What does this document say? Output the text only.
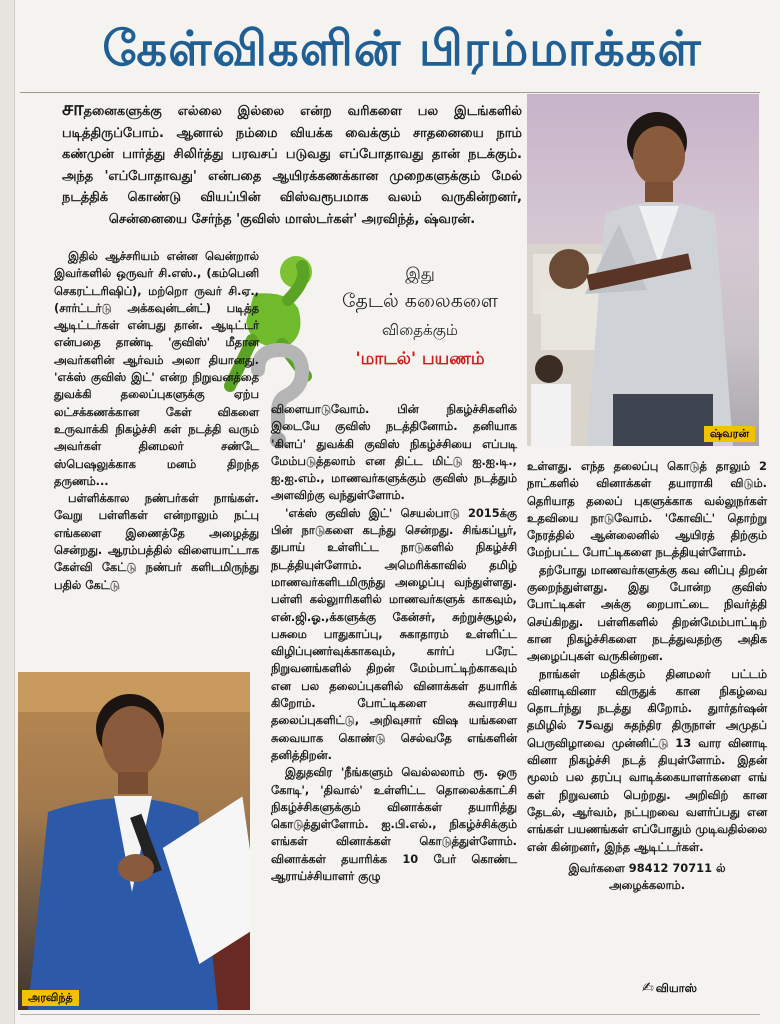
கேள்விகளின் பிரம்மாக்கள்
சாதனைகளுக்கு எல்லை இல்லை என்ற வரிகளை பல இடங்களில் படித்திருப்போம். ஆனால் நம்மை வியக்க வைக்கும் சாதனையை நாம் கண்முன் பார்த்து சிலிர்த்து பரவசப் படுவது எப்போதாவது தான் நடக்கும். அந்த 'எப்போதாவது' என்பதை ஆயிரக்கணக்கான முறைகளுக்கும் மேல் நடத்திக் கொண்டு வியப்பின் விஸ்வரூபமாக வலம் வருகின்றனர், சென்னையை சேர்ந்த 'குவிஸ் மாஸ்டர்கள்' அரவிந்த், ஷ்வரன்.
ஷ்வரன்
இது
தேடல் கலைகளை
விதைக்கும்
'மாடல்' பயணம்

இதில் ஆச்சரியம் என்ன வென்றால் இவர்களில் ஒருவர் சி.எஸ்., (கம்பெனி செகரட்டரிஷிப்), மற்றொ ருவர் சி.ஏ., (சார்ட்டர்டு அக்கவுன்டன்ட்) படித்த ஆடிட்டர்கள் என்பது தான். ஆடிட்டர் என்பதை தாண்டி 'குவிஸ்' மீதான அவர்களின் ஆர்வம் அலா தியானது. 'எக்ஸ் குவிஸ் இட்' என்ற நிறுவனத்தை துவக்கி தலைப்புகளுக்கு ஏற்ப லட்சக்கணக்கான கேள் விகளை உருவாக்கி நிகழ்ச்சி கள் நடத்தி வரும் அவர்கள் தினமலர் சண்டே ஸ்பெஷலுக்காக மனம் திறந்த தருணம்...

பள்ளிக்கால நண்பர்கள் நாங்கள். வேறு பள்ளிகள் என்றாலும் நட்பு எங்களை இணைத்தே அழைத்து சென்றது. ஆரம்பத்தில் விளையாட்டாக கேள்வி கேட்டு நண்பர் களிடமிருந்து பதில் கேட்டு

விளையாடுவோம். பின் நிகழ்ச்சிகளில் இடையே குவிஸ் நடத்தினோம். தனியாக 'கிளப்' துவக்கி குவிஸ் நிகழ்ச்சியை எப்படி மேம்படுத்தலாம் என திட்ட மிட்டு ஐ.ஐ.டி., ஐ.ஐ.எம்., மாணவர்களுக்கும் குவிஸ் நடத்தும் அளவிற்கு வந்துள்ளோம்.

'எக்ஸ் குவிஸ் இட்' செயல்பாடு 2015க்கு பின் நாடுகளை கடந்து சென்றது. சிங்கப்பூர், துபாய் உள்ளிட்ட நாடுகளில் நிகழ்ச்சி நடத்தியுள்ளோம். அமெரிக்காவில் தமிழ் மாணவர்களிடமிருந்து அழைப்பு வந்துள்ளது. பள்ளி கல்லுாரிகளில் மாணவர்களுக் காகவும், என்.ஜி.ஓ.,க்களுக்கு கேன்சர், சுற்றுச்சூழல், பசுமை பாதுகாப்பு, சுகாதாரம் உள்ளிட்ட விழிப்புணர்வுக்காகவும், கார்ப் பரேட் நிறுவனங்களில் திறன் மேம்பாட்டிற்காகவும் என பல தலைப்புகளில் வினாக்கள் தயாரிக் கிறோம். போட்டிகளை சுவாரசிய தலைப்புகளிட்டு, அறிவுசார் விஷ யங்களை சுவையாக கொண்டு செல்வதே எங்களின் தனித்திறன்.

இதுதவிர 'நீங்களும் வெல்லலாம் ரூ. ஒரு கோடி', 'திவால்' உள்ளிட்ட தொலைக்காட்சி நிகழ்ச்சிகளுக்கும் வினாக்கள் தயாரித்து கொடுத்துள்ளோம். ஐ.பி.எல்., நிகழ்ச்சிக்கும் எங்கள் வினாக்கள் கொடுத்துள்ளோம். வினாக்கள் தயாரிக்க 10 பேர் கொண்ட ஆராய்ச்சியாளர் குழு

உள்ளது. எந்த தலைப்பு கொடுத் தாலும் 2 நாட்களில் வினாக்கள் தயாராகி விடும். தெரியாத தலைப் புகளுக்காக வல்லுநர்கள் உதவியை நாடுவோம். 'கோவிட்' தொற்று நேரத்தில் ஆன்லைனில் ஆயிரத் திற்கும் மேற்பட்ட போட்டிகளை நடத்தியுள்ளோம்.

தற்போது மாணவர்களுக்கு கவ னிப்பு திறன் குறைந்துள்ளது. இது போன்ற குவிஸ் போட்டிகள் அக்கு றைபாட்டை நிவர்த்தி செய்கிறது. பள்ளிகளில் திறன்மேம்பாட்டிற் கான நிகழ்ச்சிகளை நடத்துவதற்கு அதிக அழைப்புகள் வருகின்றன.

நாங்கள் மதிக்கும் தினமலர் பட்டம் வினாடிவினா விருதுக் கான நிகழ்வை தொடர்ந்து நடத்து கிறோம். துார்தர்ஷன் தமிழில் 75வது சுதந்திர திருநாள் அமுதப் பெருவிழாவை முன்னிட்டு 13 வார வினாடி வினா நிகழ்ச்சி நடத் தியுள்ளோம். இதன் மூலம் பல தரப்பு வாடிக்கையாளர்களை எங் கள் நிறுவனம் பெற்றது. அறிவிற் கான தேடல், ஆர்வம், நட்புறவை வளர்ப்பது என எங்கள் பயணங்கள் எப்போதும் முடிவதில்லை என் கின்றனர், இந்த ஆடிட்டர்கள்.

இவர்களை 98412 70711 ல்

அழைக்கலாம்.

அரவிந்த்
✍ வியாஸ்
